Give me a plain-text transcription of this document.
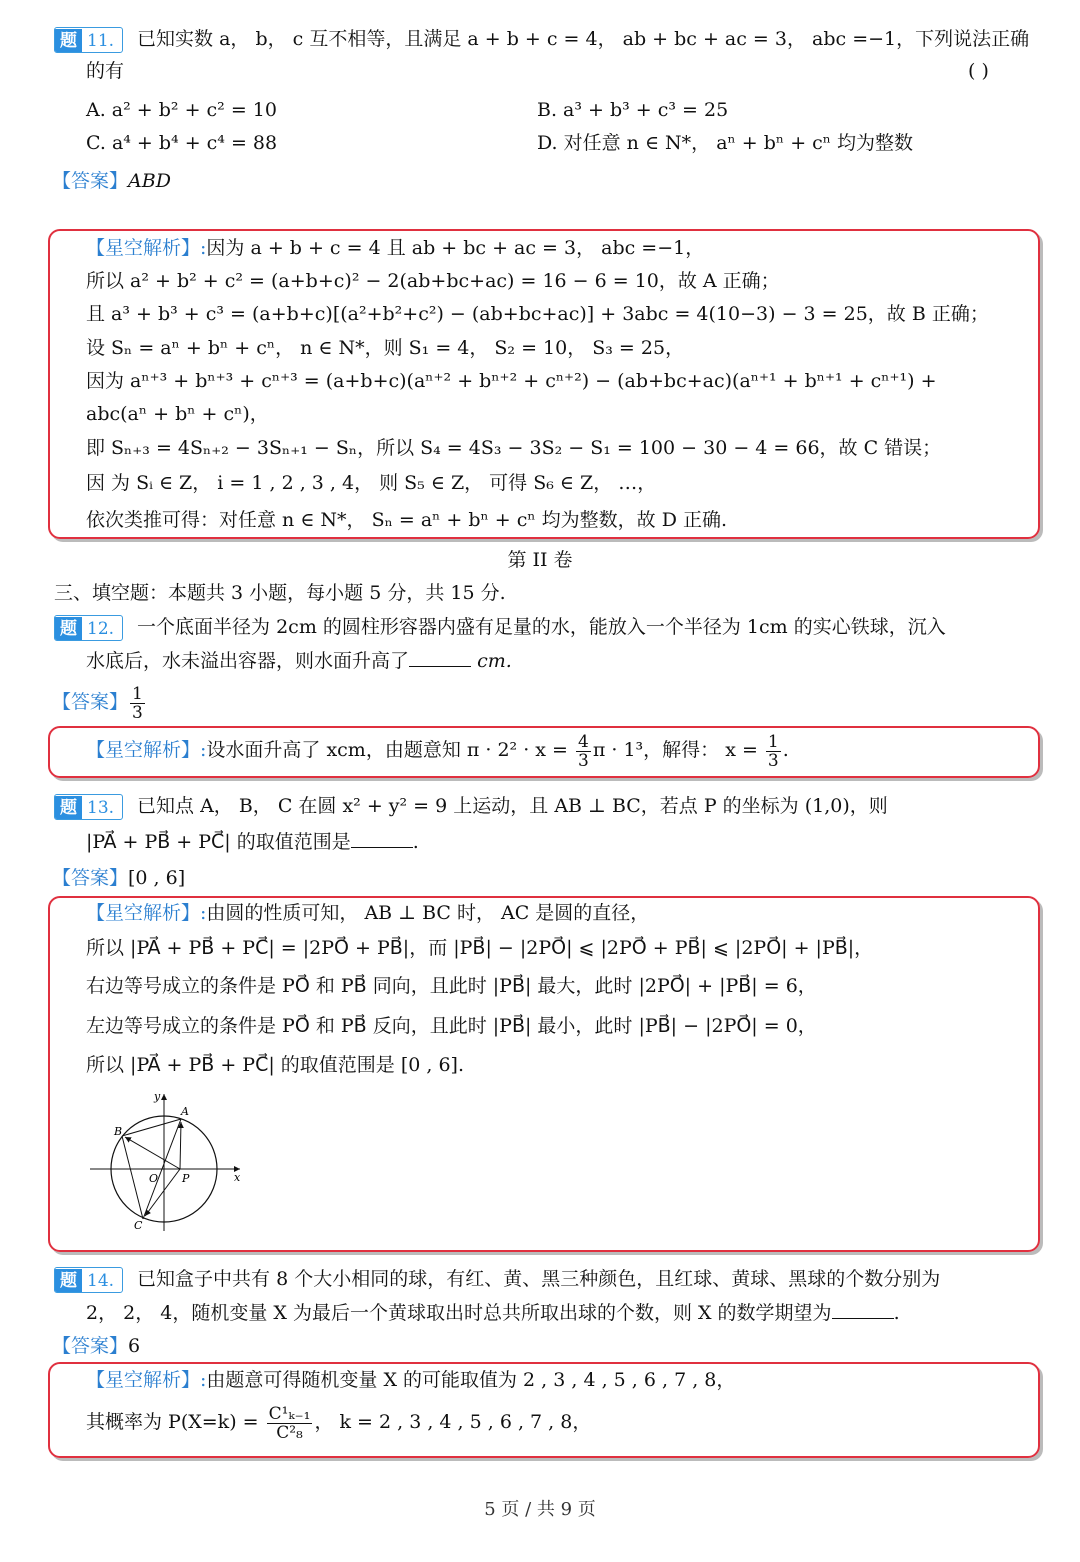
题 11. 已知实数 a， b， c 互不相等，且满足 a + b + c = 4， ab + bc + ac = 3， abc =−1，下列说法正确
的有	( )
A. a² + b² + c² = 10	B. a³ + b³ + c³ = 25
C. a⁴ + b⁴ + c⁴ = 88	D. 对任意 n ∈ N*， aⁿ + bⁿ + cⁿ 均为整数
【答案】ABD
【星空解析】:因为 a + b + c = 4 且 ab + bc + ac = 3， abc =−1，
所以 a² + b² + c² = (a+b+c)² − 2(ab+bc+ac) = 16 − 6 = 10，故 A 正确；
且 a³ + b³ + c³ = (a+b+c)[(a²+b²+c²) − (ab+bc+ac)] + 3abc = 4(10−3) − 3 = 25，故 B 正确；
设 Sₙ = aⁿ + bⁿ + cⁿ， n ∈ N*，则 S₁ = 4， S₂ = 10， S₃ = 25，
因为 aⁿ⁺³ + bⁿ⁺³ + cⁿ⁺³ = (a+b+c)(aⁿ⁺² + bⁿ⁺² + cⁿ⁺²) − (ab+bc+ac)(aⁿ⁺¹ + bⁿ⁺¹ + cⁿ⁺¹) +
abc(aⁿ + bⁿ + cⁿ)，
即 Sₙ₊₃ = 4Sₙ₊₂ − 3Sₙ₊₁ − Sₙ，所以 S₄ = 4S₃ − 3S₂ − S₁ = 100 − 30 − 4 = 66，故 C 错误；
因 为 Sᵢ ∈ Z， i = 1 , 2 , 3 , 4， 则 S₅ ∈ Z， 可得 S₆ ∈ Z， …，
依次类推可得：对任意 n ∈ N*， Sₙ = aⁿ + bⁿ + cⁿ 均为整数，故 D 正确.
第 II 卷
三、填空题：本题共 3 小题，每小题 5 分，共 15 分.
题 12. 一个底面半径为 2cm 的圆柱形容器内盛有足量的水，能放入一个半径为 1cm 的实心铁球，沉入
水底后，水未溢出容器，则水面升高了	cm.
【答案】 $\frac{1}{3}$
【星空解析】:设水面升高了 xcm，由题意知 $\pi \cdot 2^2 \cdot x = \frac{4}{3}$ π · 1³，解得： $x = \frac{1}{3}$ .
题 13. 已知点 A， B， C 在圆 x² + y² = 9 上运动，且 AB ⊥ BC，若点 P 的坐标为 (1,0)，则
|PA⃗ + PB⃗ + PC⃗| 的取值范围是	.
【答案】[0 , 6]
【星空解析】:由圆的性质可知， AB ⊥ BC 时， AC 是圆的直径，
所以 |PA⃗ + PB⃗ + PC⃗| = |2PO⃗ + PB⃗|，而 |PB⃗| − |2PO⃗| ⩽ |2PO⃗ + PB⃗| ⩽ |2PO⃗| + |PB⃗|，
右边等号成立的条件是 PO⃗ 和 PB⃗ 同向，且此时 |PB⃗| 最大，此时 |2PO⃗| + |PB⃗| = 6，
左边等号成立的条件是 PO⃗ 和 PB⃗ 反向，且此时 |PB⃗| 最小，此时 |PB⃗| − |2PO⃗| = 0，
所以 |PA⃗ + PB⃗ + PC⃗| 的取值范围是 [0 , 6].
y
x
A
B
C
O P
题 14. 已知盒子中共有 8 个大小相同的球，有红、黄、黑三种颜色，且红球、黄球、黑球的个数分别为
2， 2， 4，随机变量 X 为最后一个黄球取出时总共所取出球的个数，则 X 的数学期望为	.
【答案】6
【星空解析】:由题意可得随机变量 X 的可能取值为 2 , 3 , 4 , 5 , 6 , 7 , 8，
其概率为 $P(X=k) = \frac{\text{C¹ₖ₋₁}}{\text{C²₈}}$ ， k = 2 , 3 , 4 , 5 , 6 , 7 , 8，
5 页 / 共 9 页
